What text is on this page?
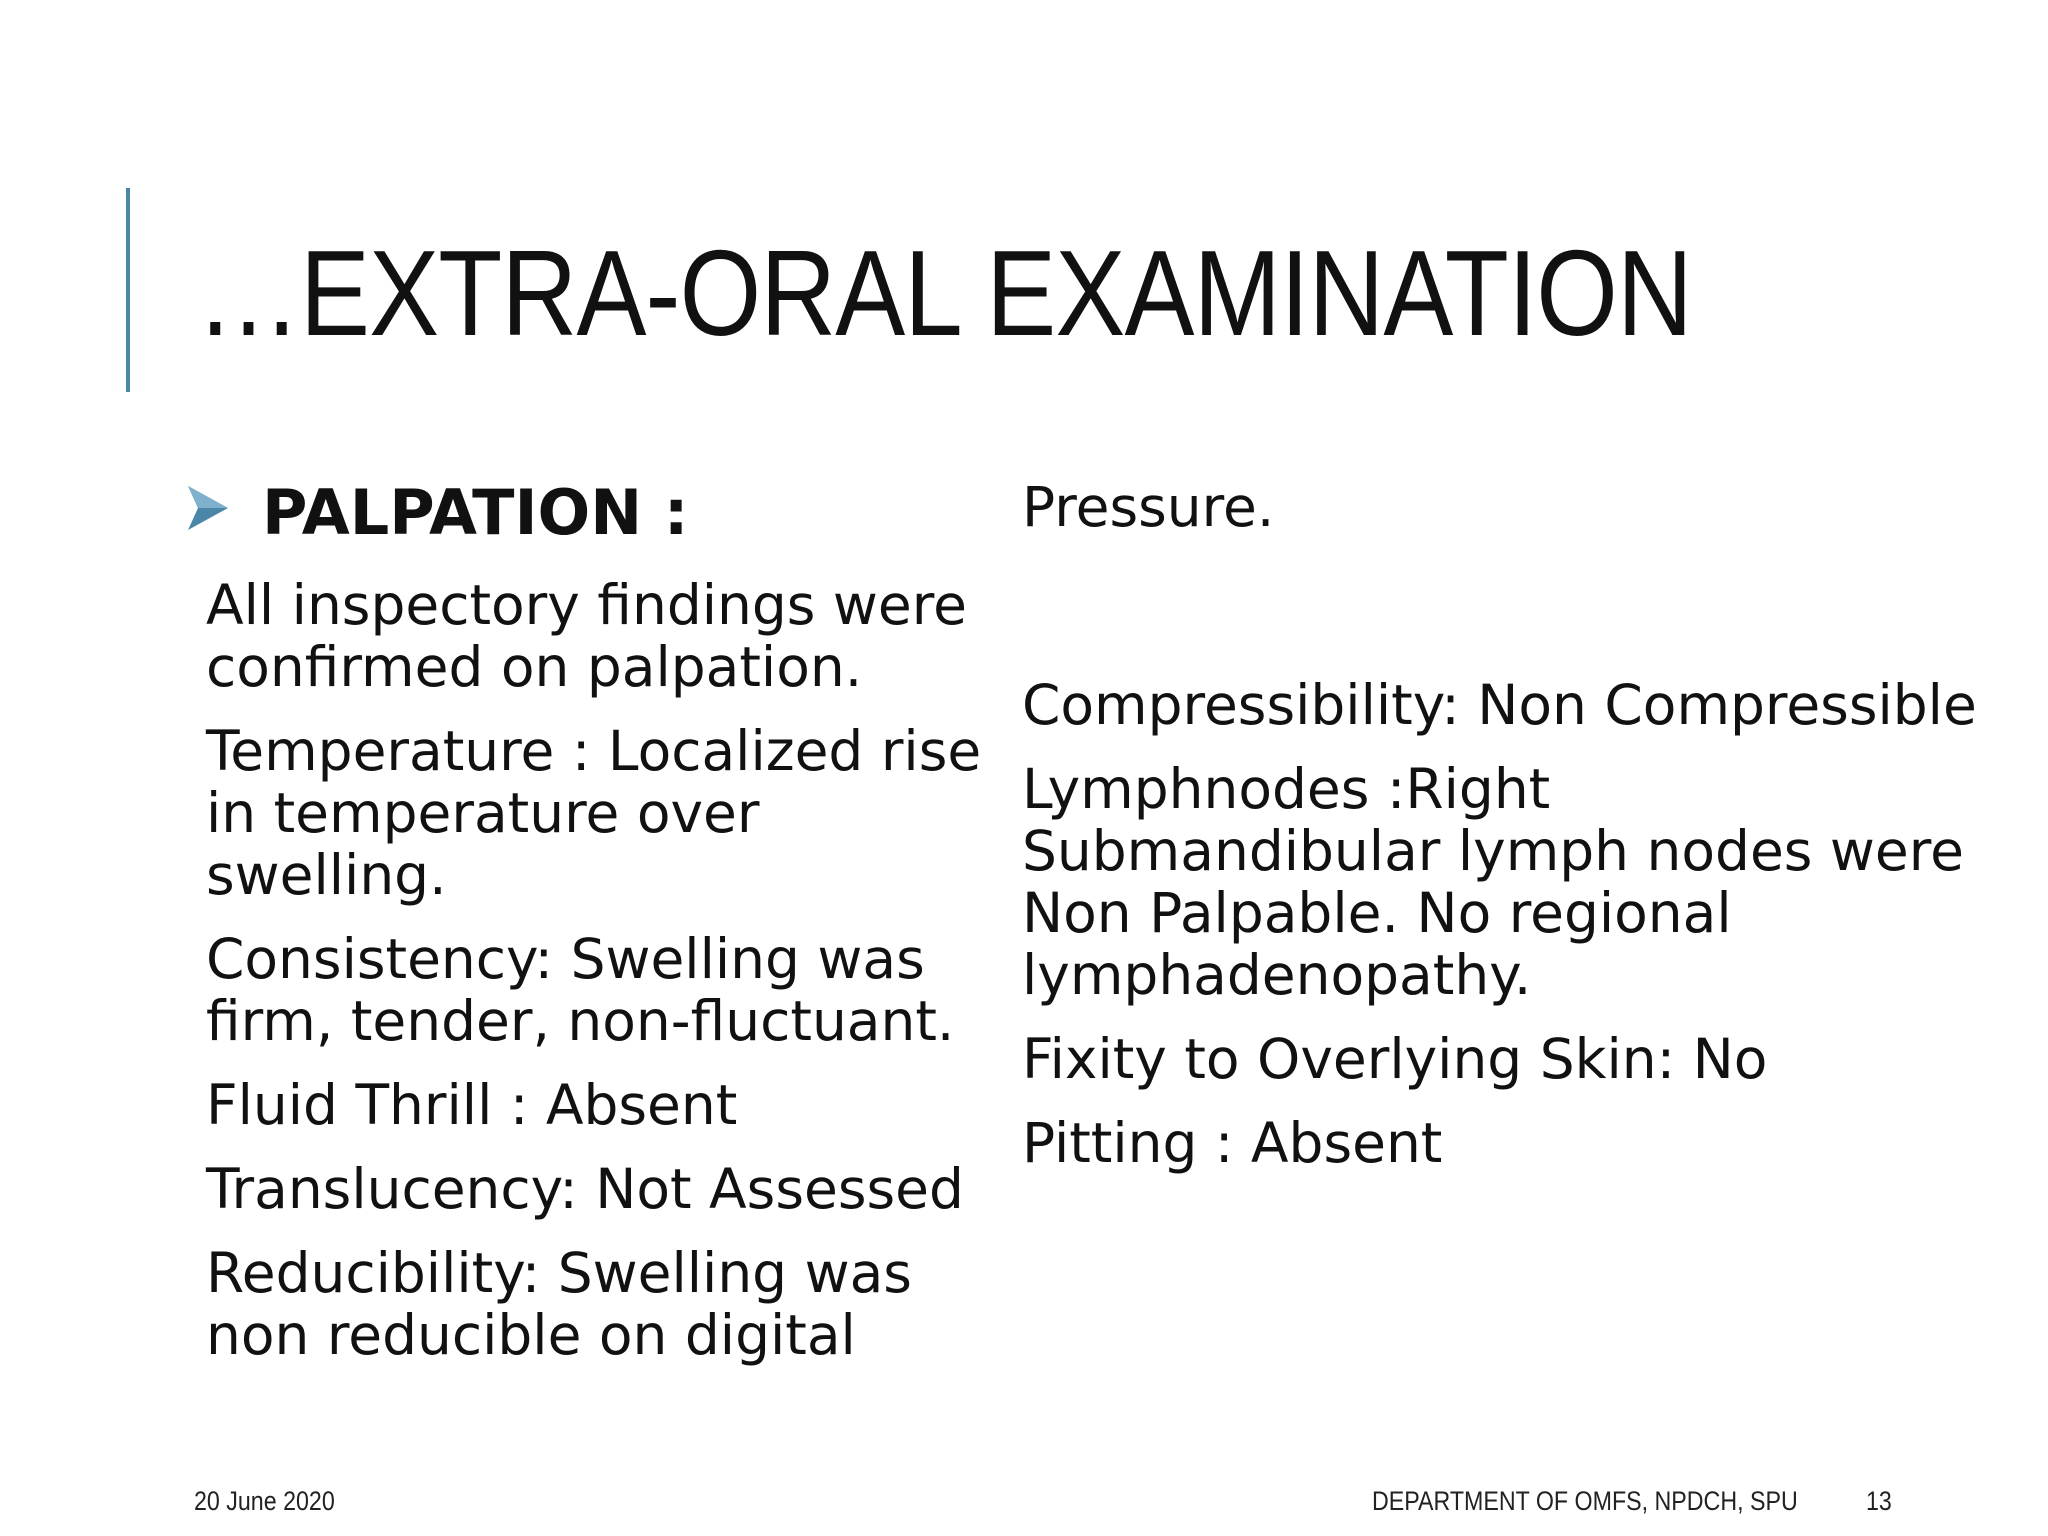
…EXTRA-ORAL EXAMINATION
PALPATION :

All inspectory findings were confirmed on palpation.

Temperature : Localized rise in temperature over swelling.

Consistency: Swelling was firm, tender, non-fluctuant.

Fluid Thrill : Absent

Translucency: Not Assessed

Reducibility: Swelling was non reducible on digital

Pressure.

Compressibility: Non Compressible

Lymphnodes :Right Submandibular lymph nodes were Non Palpable. No regional lymphadenopathy.

Fixity to Overlying Skin: No

Pitting : Absent

20 June 2020	DEPARTMENT OF OMFS, NPDCH, SPU	13
